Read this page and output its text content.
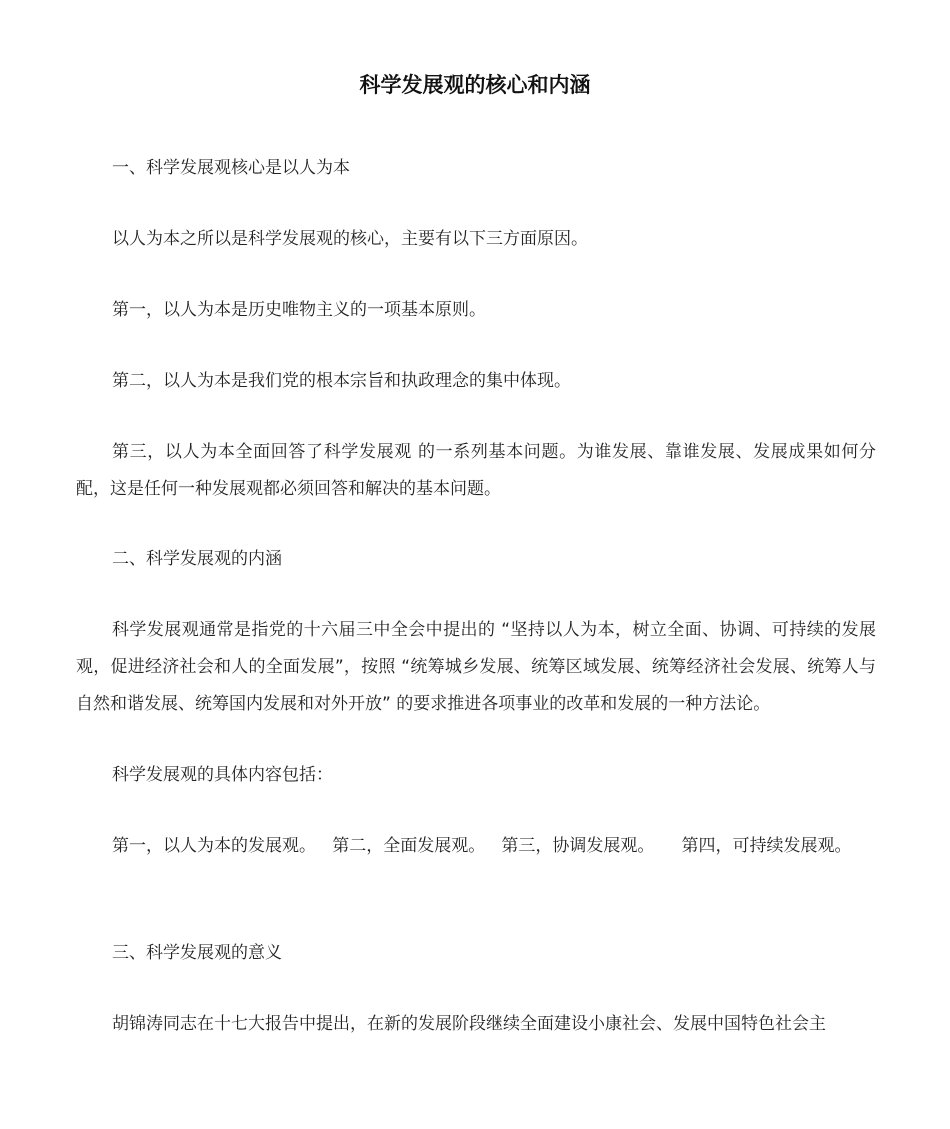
科学发展观的核心和内涵

一、科学发展观核心是以人为本

以人为本之所以是科学发展观的核心，主要有以下三方面原因。

第一，以人为本是历史唯物主义的一项基本原则。

第二，以人为本是我们党的根本宗旨和执政理念的集中体现。

第三，以人为本全面回答了科学发展观 的一系列基本问题。为谁发展、靠谁发展、发展成果如何分配，这是任何一种发展观都必须回答和解决的基本问题。

二、科学发展观的内涵

科学发展观通常是指党的十六届三中全会中提出的 “坚持以人为本，树立全面、协调、可持续的发展观，促进经济社会和人的全面发展”，按照 “统筹城乡发展、统筹区域发展、统筹经济社会发展、统筹人与自然和谐发展、统筹国内发展和对外开放” 的要求推进各项事业的改革和发展的一种方法论。

科学发展观的具体内容包括：

第一，以人为本的发展观。   第二，全面发展观。   第三，协调发展观。     第四，可持续发展观。

三、科学发展观的意义

胡锦涛同志在十七大报告中提出，在新的发展阶段继续全面建设小康社会、发展中国特色社会主
